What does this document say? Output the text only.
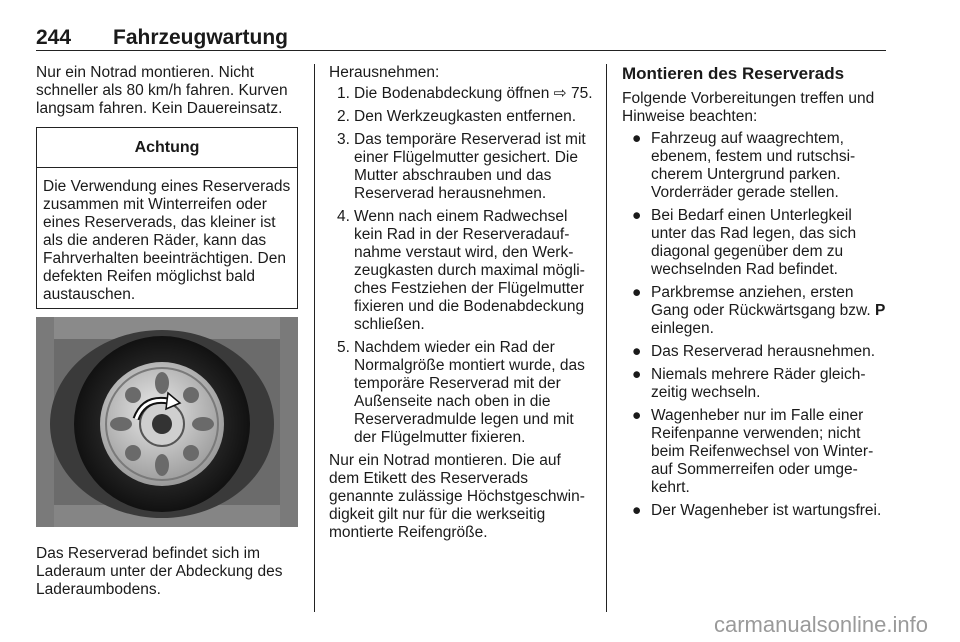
244 Fahrzeugwartung

Nur ein Notrad montieren. Nicht schneller als 80 km/h fahren. Kurven langsam fahren. Kein Dauereinsatz.

Achtung

Die Verwendung eines Reserverads zusammen mit Winterreifen oder eines Reserverads, das kleiner ist als die anderen Räder, kann das Fahrverhalten beeinträchtigen. Den defekten Reifen möglichst bald austauschen.

Das Reserverad befindet sich im Laderaum unter der Abdeckung des Laderaumbodens.

Herausnehmen:

1. Die Bodenabdeckung öffnen ⇨ 75.
2. Den Werkzeugkasten entfernen.
3. Das temporäre Reserverad ist mit einer Flügelmutter gesichert. Die Mutter abschrauben und das Reserverad herausnehmen.
4. Wenn nach einem Radwechsel kein Rad in der Reserveradaufnahme verstaut wird, den Werkzeugkasten durch maximal mögliches Festziehen der Flügelmutter fixieren und die Bodenabdeckung schließen.
5. Nachdem wieder ein Rad der Normalgröße montiert wurde, das temporäre Reserverad mit der Außenseite nach oben in die Reserveradmulde legen und mit der Flügelmutter fixieren.

Nur ein Notrad montieren. Die auf dem Etikett des Reserverads genannte zulässige Höchstgeschwindigkeit gilt nur für die werkseitig montierte Reifengröße.

Montieren des Reserverads

Folgende Vorbereitungen treffen und Hinweise beachten:

● Fahrzeug auf waagrechtem, ebenem, festem und rutschsicherem Untergrund parken. Vorderräder gerade stellen.
● Bei Bedarf einen Unterlegkeil unter das Rad legen, das sich diagonal gegenüber dem zu wechselnden Rad befindet.
● Parkbremse anziehen, ersten Gang oder Rückwärtsgang bzw. P einlegen.
● Das Reserverad herausnehmen.
● Niemals mehrere Räder gleichzeitig wechseln.
● Wagenheber nur im Falle einer Reifenpanne verwenden; nicht beim Reifenwechsel von Winter- auf Sommerreifen oder umgekehrt.
● Der Wagenheber ist wartungsfrei.
carmanualsonline.info
